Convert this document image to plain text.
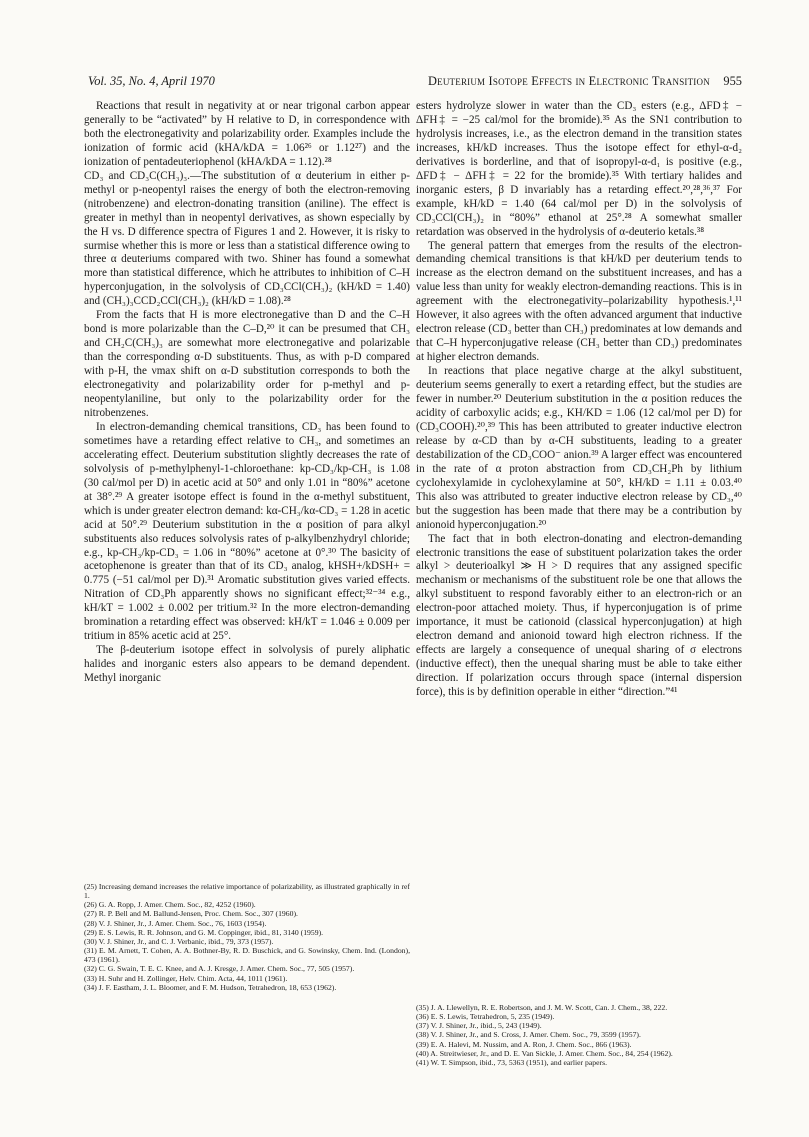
Vol. 35, No. 4, April 1970	Deuterium Isotope Effects in Electronic Transition 955

Reactions that result in negativity at or near trigonal carbon appear generally to be “activated” by H relative to D, in correspondence with both the electronegativity and polarizability order. Examples include the ionization of formic acid (kHA/kDA = 1.06²⁶ or 1.12²⁷) and the ionization of pentadeuteriophenol (kHA/kDA = 1.12).²⁸

CD₃ and CD₃C(CH₃)₃.—The substitution of α deuterium in either p-methyl or p-neopentyl raises the energy of both the electron-removing (nitrobenzene) and electron-donating transition (aniline). The effect is greater in methyl than in neopentyl derivatives, as shown especially by the H vs. D difference spectra of Figures 1 and 2. However, it is risky to surmise whether this is more or less than a statistical difference owing to three α deuteriums compared with two. Shiner has found a somewhat more than statistical difference, which he attributes to inhibition of C–H hyperconjugation, in the solvolysis of CD₃CCl(CH₃)₂ (kH/kD = 1.40) and (CH₃)₃CCD₂CCl(CH₃)₂ (kH/kD = 1.08).²⁸

From the facts that H is more electronegative than D and the C–H bond is more polarizable than the C–D,²⁰ it can be presumed that CH₃ and CH₂C(CH₃)₃ are somewhat more electronegative and polarizable than the corresponding α-D substituents. Thus, as with p-D compared with p-H, the νmax shift on α-D substitution corresponds to both the electronegativity and polarizability order for p-methyl and p-neopentylaniline, but only to the polarizability order for the nitrobenzenes.

In electron-demanding chemical transitions, CD₃ has been found to sometimes have a retarding effect relative to CH₃, and sometimes an accelerating effect. Deuterium substitution slightly decreases the rate of solvolysis of p-methylphenyl-1-chloroethane: kp-CD₃/kp-CH₃ is 1.08 (30 cal/mol per D) in acetic acid at 50° and only 1.01 in “80%” acetone at 38°.²⁹ A greater isotope effect is found in the α-methyl substituent, which is under greater electron demand: kα-CH₃/kα-CD₃ = 1.28 in acetic acid at 50°.²⁹ Deuterium substitution in the α position of para alkyl substituents also reduces solvolysis rates of p-alkylbenzhydryl chloride; e.g., kp-CH₃/kp-CD₃ = 1.06 in “80%” acetone at 0°.³⁰ The basicity of acetophenone is greater than that of its CD₃ analog, kHSH+/kDSH+ = 0.775 (−51 cal/mol per D).³¹ Aromatic substitution gives varied effects. Nitration of CD₃Ph apparently shows no significant effect;³²⁻³⁴ e.g., kH/kT = 1.002 ± 0.002 per tritium.³² In the more electron-demanding bromination a retarding effect was observed: kH/kT = 1.046 ± 0.009 per tritium in 85% acetic acid at 25°.

The β-deuterium isotope effect in solvolysis of purely aliphatic halides and inorganic esters also appears to be demand dependent. Methyl inorganic

esters hydrolyze slower in water than the CD₃ esters (e.g., ΔFD‡ − ΔFH‡ = −25 cal/mol for the bromide).³⁵ As the SN1 contribution to hydrolysis increases, i.e., as the electron demand in the transition states increases, kH/kD increases. Thus the isotope effect for ethyl-α-d₂ derivatives is borderline, and that of isopropyl-α-d₁ is positive (e.g., ΔFD‡ − ΔFH‡ = 22 for the bromide).³⁵ With tertiary halides and inorganic esters, β D invariably has a retarding effect.²⁰,²⁸,³⁶,³⁷ For example, kH/kD = 1.40 (64 cal/mol per D) in the solvolysis of CD₃CCl(CH₃)₂ in “80%” ethanol at 25°.²⁸ A somewhat smaller retardation was observed in the hydrolysis of α-deuterio ketals.³⁸

The general pattern that emerges from the results of the electron-demanding chemical transitions is that kH/kD per deuterium tends to increase as the electron demand on the substituent increases, and has a value less than unity for weakly electron-demanding reactions. This is in agreement with the electronegativity–polarizability hypothesis.¹,¹¹ However, it also agrees with the often advanced argument that inductive electron release (CD₃ better than CH₃) predominates at low demands and that C–H hyperconjugative release (CH₃ better than CD₃) predominates at higher electron demands.

In reactions that place negative charge at the alkyl substituent, deuterium seems generally to exert a retarding effect, but the studies are fewer in number.²⁰ Deuterium substitution in the α position reduces the acidity of carboxylic acids; e.g., KH/KD = 1.06 (12 cal/mol per D) for (CD₃COOH).²⁰,³⁹ This has been attributed to greater inductive electron release by α-CD than by α-CH substituents, leading to a greater destabilization of the CD₃COO⁻ anion.³⁹ A larger effect was encountered in the rate of α proton abstraction from CD₃CH₂Ph by lithium cyclohexylamide in cyclohexylamine at 50°, kH/kD = 1.11 ± 0.03.⁴⁰ This also was attributed to greater inductive electron release by CD₃,⁴⁰ but the suggestion has been made that there may be a contribution by anionoid hyperconjugation.²⁰

The fact that in both electron-donating and electron-demanding electronic transitions the ease of substituent polarization takes the order alkyl > deuterioalkyl ≫ H > D requires that any assigned specific mechanism or mechanisms of the substituent role be one that allows the alkyl substituent to respond favorably either to an electron-rich or an electron-poor attached moiety. Thus, if hyperconjugation is of prime importance, it must be cationoid (classical hyperconjugation) at high electron demand and anionoid toward high electron richness. If the effects are largely a consequence of unequal sharing of σ electrons (inductive effect), then the unequal sharing must be able to take either direction. If polarization occurs through space (internal dispersion force), this is by definition operable in either “direction.”⁴¹

(25) Increasing demand increases the relative importance of polarizability, as illustrated graphically in ref 1.

(26) G. A. Ropp, J. Amer. Chem. Soc., 82, 4252 (1960).

(27) R. P. Bell and M. Ballund-Jensen, Proc. Chem. Soc., 307 (1960).

(28) V. J. Shiner, Jr., J. Amer. Chem. Soc., 76, 1603 (1954).

(29) E. S. Lewis, R. R. Johnson, and G. M. Coppinger, ibid., 81, 3140 (1959).

(30) V. J. Shiner, Jr., and C. J. Verbanic, ibid., 79, 373 (1957).

(31) E. M. Arnett, T. Cohen, A. A. Bothner-By, R. D. Buschick, and G. Sowinsky, Chem. Ind. (London), 473 (1961).

(32) C. G. Swain, T. E. C. Knee, and A. J. Kresge, J. Amer. Chem. Soc., 77, 505 (1957).

(33) H. Suhr and H. Zollinger, Helv. Chim. Acta, 44, 1011 (1961).

(34) J. F. Eastham, J. L. Bloomer, and F. M. Hudson, Tetrahedron, 18, 653 (1962).

(35) J. A. Llewellyn, R. E. Robertson, and J. M. W. Scott, Can. J. Chem., 38, 222.

(36) E. S. Lewis, Tetrahedron, 5, 235 (1949).

(37) V. J. Shiner, Jr., ibid., 5, 243 (1949).

(38) V. J. Shiner, Jr., and S. Cross, J. Amer. Chem. Soc., 79, 3599 (1957).

(39) E. A. Halevi, M. Nussim, and A. Ron, J. Chem. Soc., 866 (1963).

(40) A. Streitwieser, Jr., and D. E. Van Sickle, J. Amer. Chem. Soc., 84, 254 (1962).

(41) W. T. Simpson, ibid., 73, 5363 (1951), and earlier papers.
